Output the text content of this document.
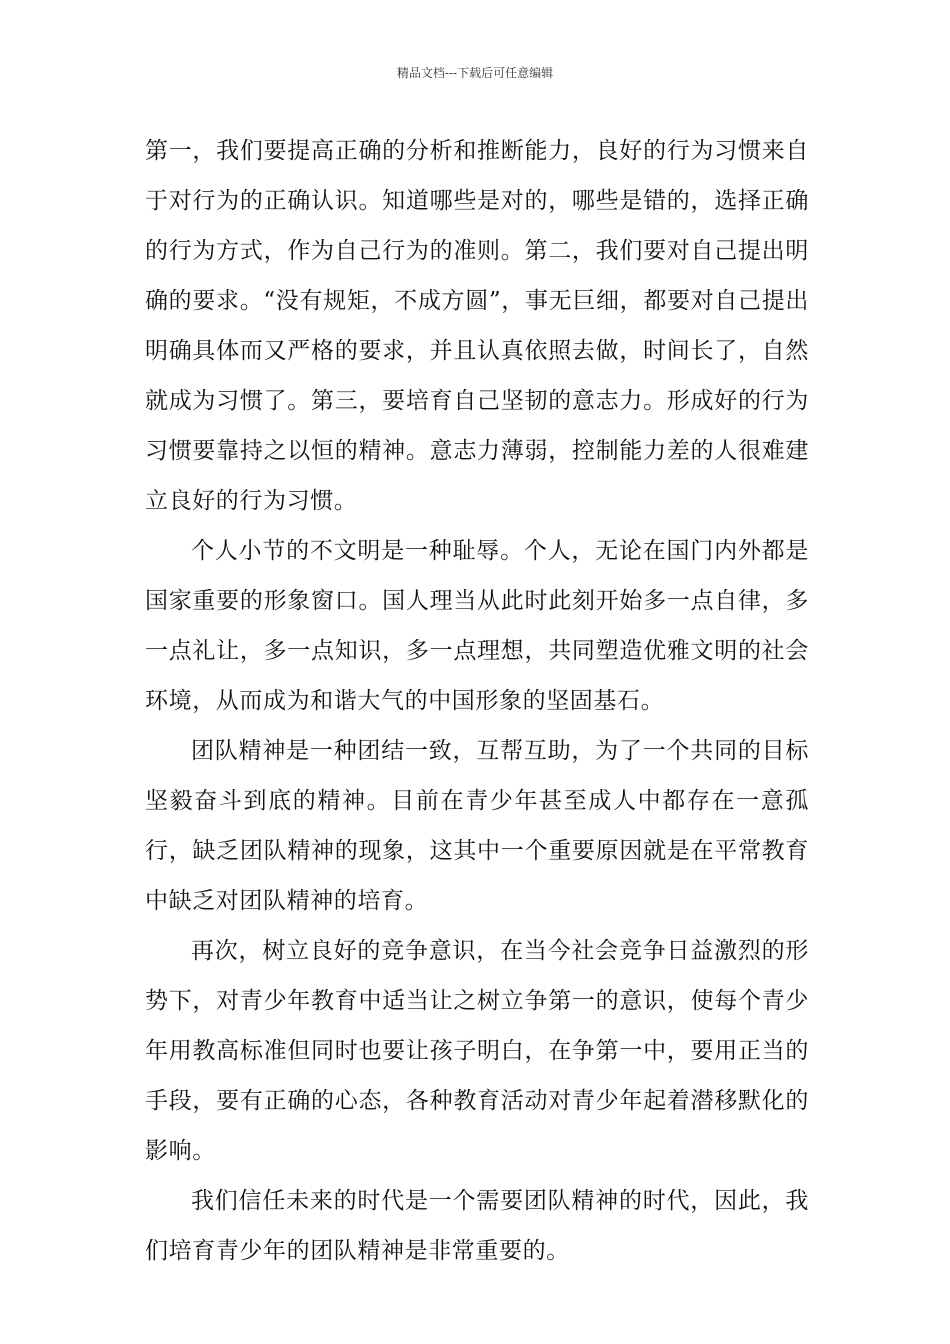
精品文档---下载后可任意编辑

第一，我们要提高正确的分析和推断能力，良好的行为习惯来自于对行为的正确认识。知道哪些是对的，哪些是错的，选择正确的行为方式，作为自己行为的准则。第二，我们要对自己提出明确的要求。“没有规矩，不成方圆”，事无巨细，都要对自己提出明确具体而又严格的要求，并且认真依照去做，时间长了，自然就成为习惯了。第三，要培育自己坚韧的意志力。形成好的行为习惯要靠持之以恒的精神。意志力薄弱，控制能力差的人很难建立良好的行为习惯。

个人小节的不文明是一种耻辱。个人，无论在国门内外都是国家重要的形象窗口。国人理当从此时此刻开始多一点自律，多一点礼让，多一点知识，多一点理想，共同塑造优雅文明的社会环境，从而成为和谐大气的中国形象的坚固基石。

团队精神是一种团结一致，互帮互助，为了一个共同的目标坚毅奋斗到底的精神。目前在青少年甚至成人中都存在一意孤行，缺乏团队精神的现象，这其中一个重要原因就是在平常教育中缺乏对团队精神的培育。

再次，树立良好的竞争意识，在当今社会竞争日益激烈的形势下，对青少年教育中适当让之树立争第一的意识，使每个青少年用教高标准但同时也要让孩子明白，在争第一中，要用正当的手段，要有正确的心态，各种教育活动对青少年起着潜移默化的影响。

我们信任未来的时代是一个需要团队精神的时代，因此，我们培育青少年的团队精神是非常重要的。
